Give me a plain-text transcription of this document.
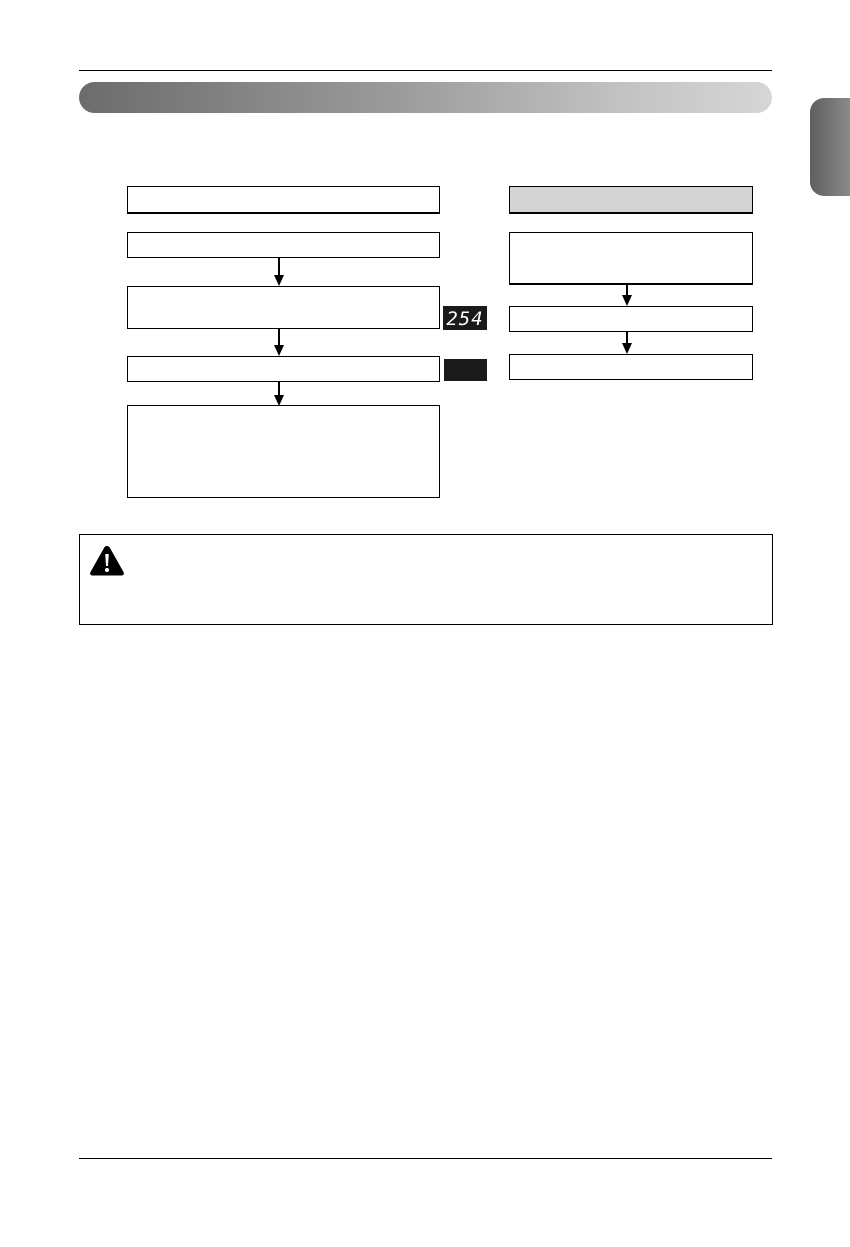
254
